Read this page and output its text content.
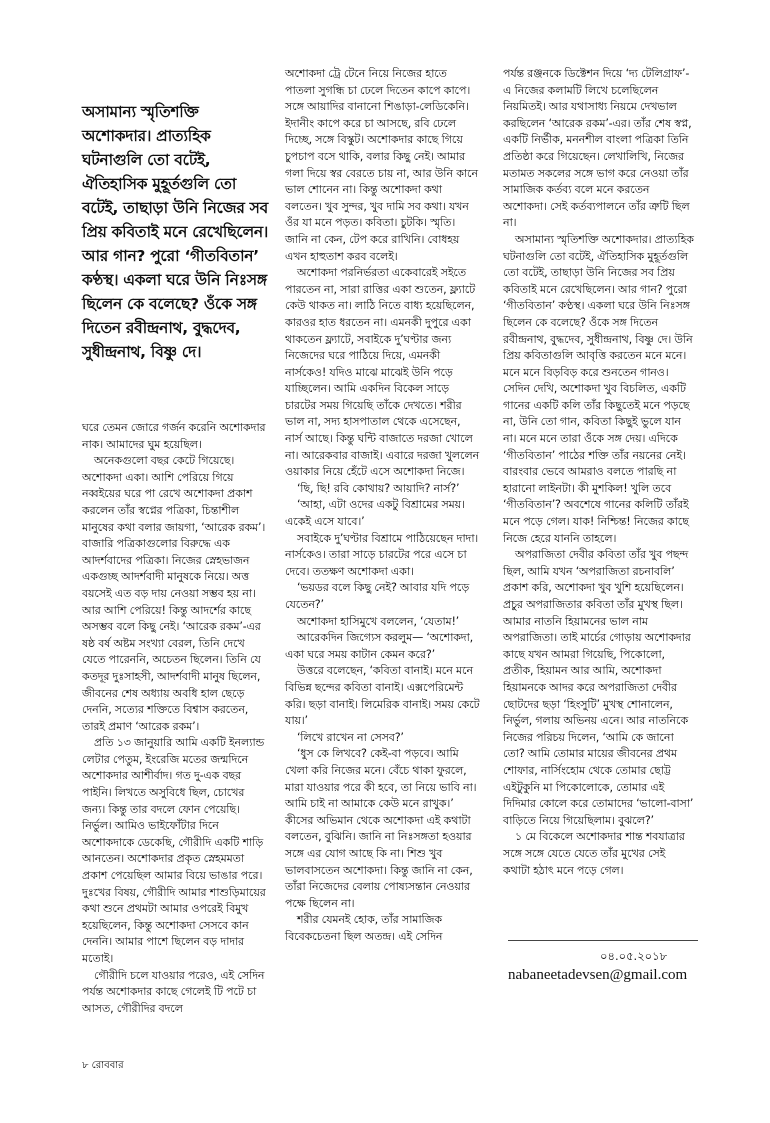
অসামান্য স্মৃতিশক্তি অশোকদার। প্রাত্যহিক ঘটনাগুলি তো বটেই, ঐতিহাসিক মুহূর্তগুলি তো বটেই, তাছাড়া উনি নিজের সব প্রিয় কবিতাই মনে রেখেছিলেন। আর গান? পুরো ‘গীতবিতান’ কণ্ঠস্থ। একলা ঘরে উনি নিঃসঙ্গ ছিলেন কে বলেছে? ওঁকে সঙ্গ দিতেন রবীন্দ্রনাথ, বুদ্ধদেব, সুধীন্দ্রনাথ, বিষ্ণু দে।

ঘরে তেমন জোরে গর্জন করেনি অশোকদার নাক। আমাদের ঘুম হয়েছিল।

অনেকগুলো বছর কেটে গিয়েছে। অশোকদা একা। আশি পেরিয়ে গিয়ে নব্বইয়ের ঘরে পা রেখে অশোকদা প্রকাশ করলেন তাঁর স্বপ্নের পত্রিকা, চিন্তাশীল মানুষের কথা বলার জায়গা, ‘আরেক রকম’। বাজারি পত্রিকাগুলোর বিরুদ্ধে এক আদর্শবাদের পত্রিকা। নিজের স্নেহভাজন একগুচ্ছ আদর্শবাদী মানুষকে নিয়ে। অত্ত বয়সেই এত বড় দায় নেওয়া সম্ভব হয় না। আর আশি পেরিয়ে! কিন্তু আদর্শের কাছে অসম্ভব বলে কিছু নেই। ‘আরেক রকম’-এর ষষ্ঠ বর্ষ অষ্টম সংখ্যা বেরল, তিনি দেখে যেতে পারেননি, অচেতন ছিলেন। তিনি যে কতদূর দুঃসাহসী, আদর্শবাদী মানুষ ছিলেন, জীবনের শেষ অধ্যায় অবধি হাল ছেড়ে দেননি, সত্যের শক্তিতে বিশ্বাস করতেন, তারই প্রমাণ ‘আরেক রকম’।

প্রতি ১৩ জানুয়ারি আমি একটি ইনল্যান্ড লেটার পেতুম, ইংরেজি মতের জন্মদিনে অশোকদার আশীর্বাদ। গত দু-এক বছর পাইনি। লিখতে অসুবিধে ছিল, চোখের জন্য। কিন্তু তার বদলে ফোন পেয়েছি। নির্ভুল। আমিও ভাইফোঁটার দিনে অশোকদাকে ডেকেছি, গৌরীদি একটি শাড়ি আনতেন। অশোকদার প্রকৃত স্নেহমমতা প্রকাশ পেয়েছিল আমার বিয়ে ভাঙার পরে। দুঃখের বিষয়, গৌরীদি আমার শাশুড়িমায়ের কথা শুনে প্রথমটা আমার ওপরেই বিমুখ হয়েছিলেন, কিন্তু অশোকদা সেসবে কান দেননি। আমার পাশে ছিলেন বড় দাদার মতোই।

গৌরীদি চলে যাওয়ার পরেও, এই সেদিন পর্যন্ত অশোকদার কাছে গেলেই টি পটে চা আসত, গৌরীদির বদলে

অশোকদা ট্রে টেনে নিয়ে নিজের হাতে পাতলা সুগন্ধি চা ঢেলে দিতেন কাপে কাপে। সঙ্গে আয়াদির বানানো শিঙাড়া-লেডিকেনি। ইদানীং কাপে করে চা আসছে, রবি ঢেলে দিচ্ছে, সঙ্গে বিস্কুট। অশোকদার কাছে গিয়ে চুপচাপ বসে থাকি, বলার কিছু নেই। আমার গলা দিয়ে স্বর বেরতে চায় না, আর উনি কানে ভাল শোনেন না। কিন্তু অশোকদা কথা বলতেন। খুব সুন্দর, খুব দামি সব কথা। যখন ওঁর যা মনে পড়ত। কবিতা। চুটকি। স্মৃতি। জানি না কেন, টেপ করে রাখিনি। বোধহয় এখন হাহুতাশ করব বলেই।

অশোকদা পরনির্ভরতা একেবারেই সইতে পারতেন না, সারা রাত্তির একা শুতেন, ফ্ল্যাটে কেউ থাকত না। লাঠি নিতে বাধ্য হয়েছিলেন, কারওর হাত ধরতেন না। এমনকী দুপুরে একা থাকতেন ফ্ল্যাটে, সবাইকে দু’ঘণ্টার জন্য নিজেদের ঘরে পাঠিয়ে দিয়ে, এমনকী নার্সকেও! যদিও মাঝে মাঝেই উনি পড়ে যাচ্ছিলেন। আমি একদিন বিকেল সাড়ে চারটের সময় গিয়েছি তাঁকে দেখতে। শরীর ভাল না, সদ্য হাসপাতাল থেকে এসেছেন, নার্স আছে। কিন্তু ঘন্টি বাজাতে দরজা খোলে না। আরেকবার বাজাই। এবারে দরজা খুললেন ওয়াকার নিয়ে হেঁটে এসে অশোকদা নিজে।

‘ছি, ছি! রবি কোথায়? আয়াদি? নার্স?’

‘আহা, এটা ওদের একটু বিশ্রামের সময়। একেই এসে যাবে।’

সবাইকে দু’ঘণ্টার বিশ্রামে পাঠিয়েছেন দাদা। নার্সকেও। তারা সাড়ে চারটের পরে এসে চা দেবে। ততক্ষণ অশোকদা একা।

‘ভয়ডর বলে কিছু নেই? আবার যদি পড়ে যেতেন?’

অশোকদা হাসিমুখে বললেন, ‘যেতাম!’

আরেকদিন জিগ্যেস করলুম— ‘অশোকদা, একা ঘরে সময় কাটান কেমন করে?’

উত্তরে বলেছেন, ‘কবিতা বানাই। মনে মনে বিভিন্ন ছন্দের কবিতা বানাই। এক্সপেরিমেন্ট করি। ছড়া বানাই। লিমেরিক বানাই। সময় কেটে যায়।’

‘লিখে রাখেন না সেসব?’

‘ধুস কে লিখবে? কেই-বা পড়বে। আমি খেলা করি নিজের মনে। বেঁচে থাকা ফুরলে, মারা যাওয়ার পরে কী হবে, তা নিয়ে ভাবি না। আমি চাই না আমাকে কেউ মনে রাখুক।’ কীসের অভিমান থেকে অশোকদা এই কথাটা বলতেন, বুঝিনি। জানি না নিঃসঙ্গতা হওয়ার সঙ্গে এর যোগ আছে কি না। শিশু খুব ভালবাসতেন অশোকদা। কিন্তু জানি না কেন, তাঁরা নিজেদের বেলায় পোষ্যসন্তান নেওয়ার পক্ষে ছিলেন না।

শরীর যেমনই হোক, তাঁর সামাজিক বিবেকচেতনা ছিল অতন্দ্র। এই সেদিন

পর্যন্ত রঞ্জনকে ডিক্টেশন দিয়ে ‘দ্য টেলিগ্রাফ’-এ নিজের কলামটি লিখে চলেছিলেন নিয়মিতই। আর যথাসাধ্য নিয়মে দেখভাল করছিলেন ‘আরেক রকম’-এর। তাঁর শেষ স্বপ্ন, একটি নির্ভীক, মননশীল বাংলা পত্রিকা তিনি প্রতিষ্ঠা করে গিয়েছেন। লেখালিখি, নিজের মতামত সকলের সঙ্গে ভাগ করে নেওয়া তাঁর সামাজিক কর্তব্য বলে মনে করতেন অশোকদা। সেই কর্তব্যপালনে তাঁর ত্রুটি ছিল না।

অসামান্য স্মৃতিশক্তি অশোকদার। প্রাত্যহিক ঘটনাগুলি তো বটেই, ঐতিহাসিক মুহূর্তগুলি তো বটেই, তাছাড়া উনি নিজের সব প্রিয় কবিতাই মনে রেখেছিলেন। আর গান? পুরো ‘গীতবিতান’ কণ্ঠস্থ। একলা ঘরে উনি নিঃসঙ্গ ছিলেন কে বলেছে? ওঁকে সঙ্গ দিতেন রবীন্দ্রনাথ, বুদ্ধদেব, সুধীন্দ্রনাথ, বিষ্ণু দে। উনি প্রিয় কবিতাগুলি আবৃত্তি করতেন মনে মনে। মনে মনে বিড়বিড় করে শুনতেন গানও। সেদিন দেখি, অশোকদা খুব বিচলিত, একটি গানের একটি কলি তাঁর কিছুতেই মনে পড়ছে না, উনি তো গান, কবিতা কিছুই ভুলে যান না। মনে মনে তারা ওঁকে সঙ্গ দেয়। এদিকে ‘গীতবিতান’ পাঠের শক্তি তাঁর নয়নের নেই। বারংবার ভেবে আমরাও বলতে পারছি না হারানো লাইনটা। কী মুশকিল! খুলি তবে ‘গীতবিতান’? অবশেষে গানের কলিটি তাঁরই মনে পড়ে গেল। যাক! নিশ্চিন্ত! নিজের কাছে নিজে হেরে যাননি তাহলে।

অপরাজিতা দেবীর কবিতা তাঁর খুব পছন্দ ছিল, আমি যখন ‘অপরাজিতা রচনাবলি’ প্রকাশ করি, অশোকদা খুব খুশি হয়েছিলেন। প্রচুর অপরাজিতার কবিতা তাঁর মুখস্থ ছিল। আমার নাতনি হিয়ামনের ভাল নাম অপরাজিতা। তাই মার্চের গোড়ায় অশোকদার কাছে যখন আমরা গিয়েছি, পিকোলো, প্রতীক, হিয়ামন আর আমি, অশোকদা হিয়ামনকে আদর করে অপরাজিতা দেবীর ছোটদের ছড়া ‘হিংসুটি’ মুখস্থ শোনালেন, নির্ভুল, গলায় অভিনয় এনে। আর নাতনিকে নিজের পরিচয় দিলেন, ‘আমি কে জানো তো? আমি তোমার মায়ের জীবনের প্রথম শোফার, নার্সিংহোম থেকে তোমার ছোট্ট এইটুকুনি মা পিকোলোকে, তোমার এই দিদিমার কোলে করে তোমাদের ‘ভালো-বাসা’ বাড়িতে নিয়ে গিয়েছিলাম। বুঝলে?’

১ মে বিকেলে অশোকদার শান্ত শবযাত্রার সঙ্গে সঙ্গে যেতে যেতে তাঁর মুখের সেই কথাটা হঠাৎ মনে পড়ে গেল।

০৪.০৫.২০১৮
nabaneetadevsen@gmail.com
৮ রোববার
